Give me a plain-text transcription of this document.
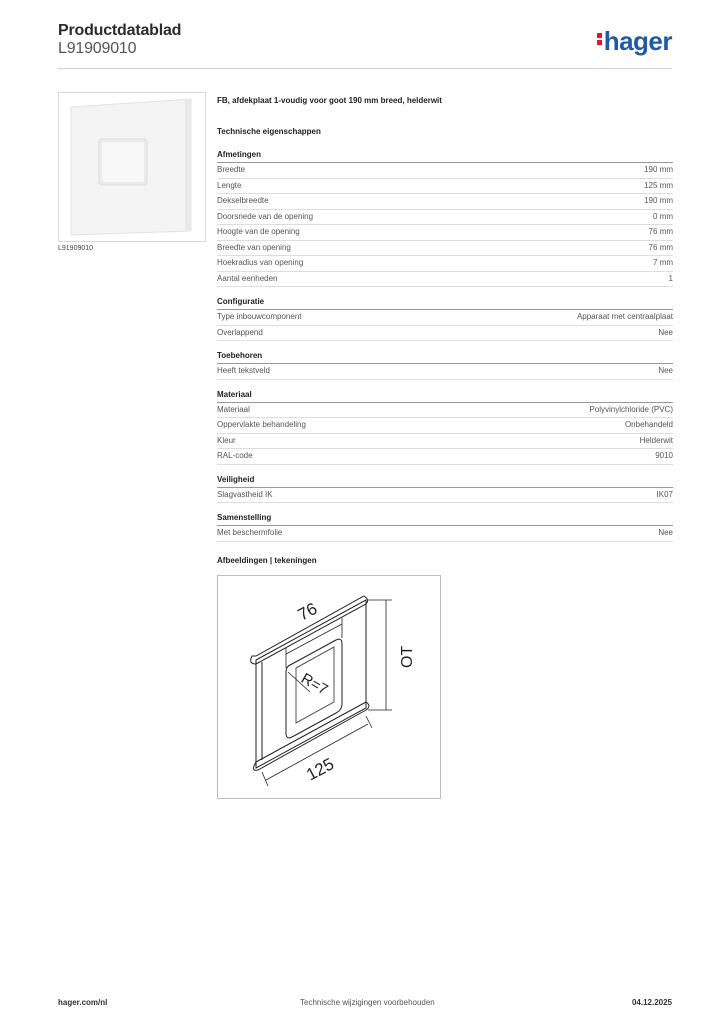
Productdatablad
L91909010	hager
L91909010
FB, afdekplaat 1-voudig voor goot 190 mm breed, helderwit
Technische eigenschappen
Afmetingen
Breedte	190 mm
Lengte	125 mm
Dekselbreedte	190 mm
Doorsnede van de opening	0 mm
Hoogte van de opening	76 mm
Breedte van opening	76 mm
Hoekradius van opening	7 mm
Aantal eenheden	1
Configuratie
Type inbouwcomponent	Apparaat met centraalplaat
Overlappend	Nee
Toebehoren
Heeft tekstveld	Nee
Materiaal
Materiaal	Polyvinylchloride (PVC)
Oppervlakte behandeling	Onbehandeld
Kleur	Helderwit
RAL-code	9010
Veiligheid
Slagvastheid IK	IK07
Samenstelling
Met beschermfolie	Nee
Afbeeldingen | tekeningen
76
OT
R=7
125
hager.com/nl	Technische wijzigingen voorbehouden	04.12.2025
